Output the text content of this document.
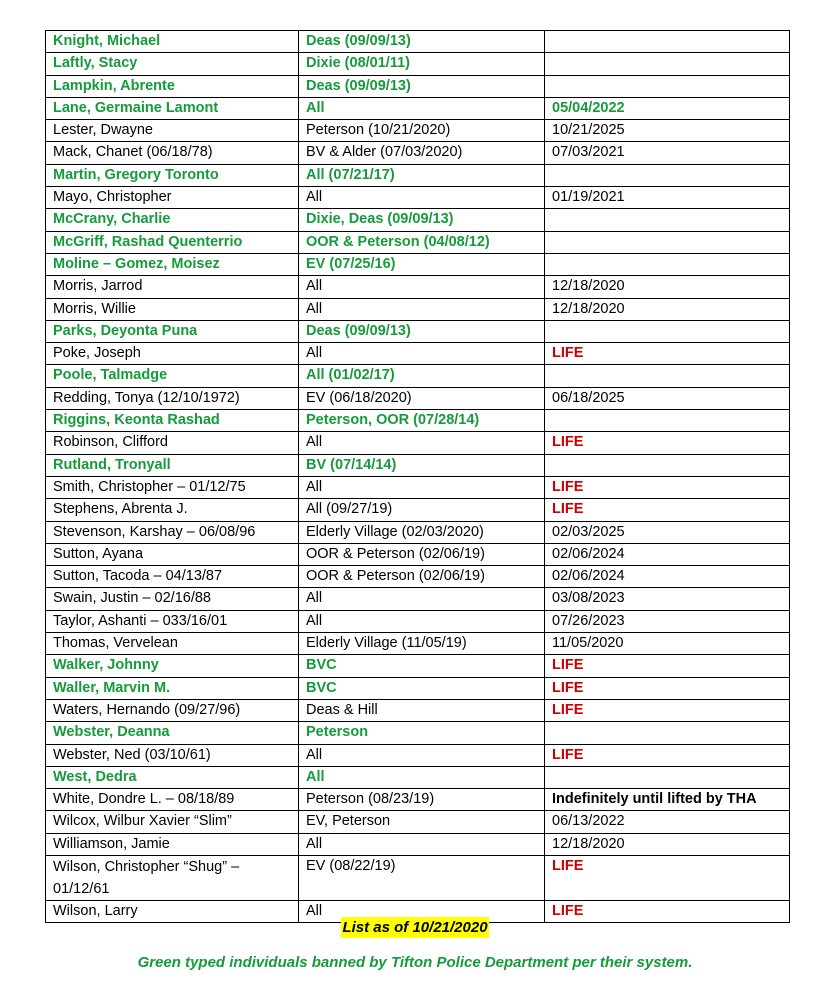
Knight, Michael	Deas (09/09/13)	
Laftly, Stacy	Dixie (08/01/11)	
Lampkin, Abrente	Deas (09/09/13)	
Lane, Germaine Lamont	All	05/04/2022
Lester, Dwayne	Peterson (10/21/2020)	10/21/2025
Mack, Chanet (06/18/78)	BV & Alder (07/03/2020)	07/03/2021
Martin, Gregory Toronto	All (07/21/17)	
Mayo, Christopher	All	01/19/2021
McCrany, Charlie	Dixie, Deas (09/09/13)	
McGriff, Rashad Quenterrio	OOR & Peterson (04/08/12)	
Moline – Gomez, Moisez	EV (07/25/16)	
Morris, Jarrod	All	12/18/2020
Morris, Willie	All	12/18/2020
Parks, Deyonta Puna	Deas (09/09/13)	
Poke, Joseph	All	LIFE
Poole, Talmadge	All (01/02/17)	
Redding, Tonya (12/10/1972)	EV (06/18/2020)	06/18/2025
Riggins, Keonta Rashad	Peterson, OOR (07/28/14)	
Robinson, Clifford	All	LIFE
Rutland, Tronyall	BV (07/14/14)	
Smith, Christopher – 01/12/75	All	LIFE
Stephens, Abrenta J.	All (09/27/19)	LIFE
Stevenson, Karshay – 06/08/96	Elderly Village (02/03/2020)	02/03/2025
Sutton, Ayana	OOR & Peterson (02/06/19)	02/06/2024
Sutton, Tacoda – 04/13/87	OOR & Peterson (02/06/19)	02/06/2024
Swain, Justin – 02/16/88	All	03/08/2023
Taylor, Ashanti – 033/16/01	All	07/26/2023
Thomas, Vervelean	Elderly Village (11/05/19)	11/05/2020
Walker, Johnny	BVC	LIFE
Waller, Marvin M.	BVC	LIFE
Waters, Hernando (09/27/96)	Deas & Hill	LIFE
Webster, Deanna	Peterson	
Webster, Ned (03/10/61)	All	LIFE
West, Dedra	All	
White, Dondre L. – 08/18/89	Peterson (08/23/19)	Indefinitely until lifted by THA
Wilcox, Wilbur Xavier “Slim”	EV, Peterson	06/13/2022
Williamson, Jamie	All	12/18/2020
Wilson, Christopher “Shug” – 01/12/61	EV (08/22/19)	LIFE
Wilson, Larry	All	LIFE
List as of 10/21/2020
Green typed individuals banned by Tifton Police Department per their system.
